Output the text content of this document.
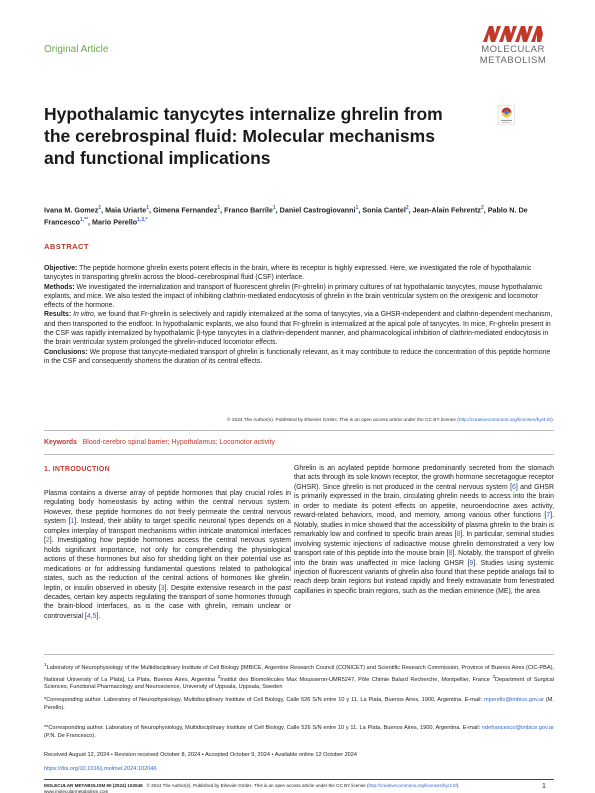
Original Article	MOLECULAR
METABOLISM
Hypothalamic tanycytes internalize ghrelin from the cerebrospinal fluid: Molecular mechanisms and functional implications
Ivana M. Gomez$^1$, Maia Uriarte$^1$, Gimena Fernandez$^1$, Franco Barrile$^1$, Daniel Castrogiovanni$^1$, Sonia Cantel$^2$, Jean-Alain Fehrentz$^2$, Pablo N. De Francesco$^{1,**}$, Mario Perello$^{1,3,*}$
ABSTRACT

Objective: The peptide hormone ghrelin exerts potent effects in the brain, where its receptor is highly expressed. Here, we investigated the role of hypothalamic tanycytes in transporting ghrelin across the blood–cerebrospinal fluid (CSF) interface.

Methods: We investigated the internalization and transport of fluorescent ghrelin (Fr-ghrelin) in primary cultures of rat hypothalamic tanycytes, mouse hypothalamic explants, and mice. We also tested the impact of inhibiting clathrin-mediated endocytosis of ghrelin in the brain ventricular system on the orexigenic and locomotor effects of the hormone.

Results: In vitro, we found that Fr-ghrelin is selectively and rapidly internalized at the soma of tanycytes, via a GHSR-independent and clathrin-dependent mechanism, and then transported to the endfoot. In hypothalamic explants, we also found that Fr-ghrelin is internalized at the apical pole of tanycytes. In mice, Fr-ghrelin present in the CSF was rapidly internalized by hypothalamic β-type tanycytes in a clathrin-dependent manner, and pharmacological inhibition of clathrin-mediated endocytosis in the brain ventricular system prolonged the ghrelin-induced locomotor effects.

Conclusions: We propose that tanycyte-mediated transport of ghrelin is functionally relevant, as it may contribute to reduce the concentration of this peptide hormone in the CSF and consequently shortens the duration of its central effects.

© 2024 The Author(s). Published by Elsevier GmbH. This is an open access article under the CC BY license (http://creativecommons.org/licenses/by/4.0/).
Keywords Blood-cerebro spinal barrier; Hypothalamus; Locomotor activity
1. INTRODUCTION
Plasma contains a diverse array of peptide hormones that play crucial roles in regulating body homeostasis by acting within the central nervous system. However, these peptide hormones do not freely permeate the central nervous system [1]. Instead, their ability to target specific neuronal types depends on a complex interplay of transport mechanisms within intricate anatomical interfaces [2]. Investigating how peptide hormones access the central nervous system holds significant importance, not only for comprehending the physiological actions of these hormones but also for shedding light on their potential use as medications or for addressing fundamental questions related to pathological states, such as the reduction of the central actions of hormones like ghrelin, leptin, or insulin observed in obesity [3]. Despite extensive research in the past decades, certain key aspects regulating the transport of some hormones through the brain-blood interfaces, as is the case with ghrelin, remain unclear or controversial [4,5].
Ghrelin is an acylated peptide hormone predominantly secreted from the stomach that acts through its sole known receptor, the growth hormone secretagogue receptor (GHSR). Since ghrelin is not produced in the central nervous system [6] and GHSR is primarily expressed in the brain, circulating ghrelin needs to access into the brain in order to mediate its potent effects on appetite, neuroendocrine axes activity, reward-related behaviors, mood, and memory, among various other functions [7]. Notably, studies in mice showed that the accessibility of plasma ghrelin to the brain is remarkably low and confined to specific brain areas [8]. In particular, seminal studies involving systemic injections of radioactive mouse ghrelin demonstrated a very low transport rate of this peptide into the mouse brain [8]. Notably, the transport of ghrelin into the brain was unaffected in mice lacking GHSR [9]. Studies using systemic injection of fluorescent variants of ghrelin also found that these peptide analogs fail to reach deep brain regions but instead rapidly and freely extravasate from fenestrated capillaries in specific brain regions, such as the median eminence (ME), the area
$^1$Laboratory of Neurophysiology of the Multidisciplinary Institute of Cell Biology [IMBICE, Argentine Research Council (CONICET) and Scientific Research Commission, Province of Buenos Aires (CIC-PBA), National University of La Plata], La Plata, Buenos Aires, Argentina $^2$Institut des Biomolécules Max Mousseron-UMR5247, Pôle Chimie Balard Recherche, Montpellier, France $^3$Department of Surgical Sciences, Functional Pharmacology and Neuroscience, University of Uppsala, Uppsala, Sweden
*Corresponding author. Laboratory of Neurophysiology, Multidisciplinary Institute of Cell Biology, Calle 526 S/N entre 10 y 11. La Plata, Buenos Aires, 1900, Argentina. E-mail: mperello@imbice.gov.ar (M. Perello).
**Corresponding author. Laboratory of Neurophysiology, Multidisciplinary Institute of Cell Biology, Calle 526 S/N entre 10 y 11. La Plata, Buenos Aires, 1900, Argentina. E-mail: ndefrancesco@imbice.gov.ar (P.N. De Francesco).
Received August 12, 2024 • Revision received October 8, 2024 • Accepted October 9, 2024 • Available online 12 October 2024
https://doi.org/10.1016/j.molmet.2024.102046
MOLECULAR METABOLISM 90 (2024) 102046 © 2024 The Author(s). Published by Elsevier GmbH. This is an open access article under the CC BY license (http://creativecommons.org/licenses/by/4.0/).
www.molecularmetabolism.com
1
